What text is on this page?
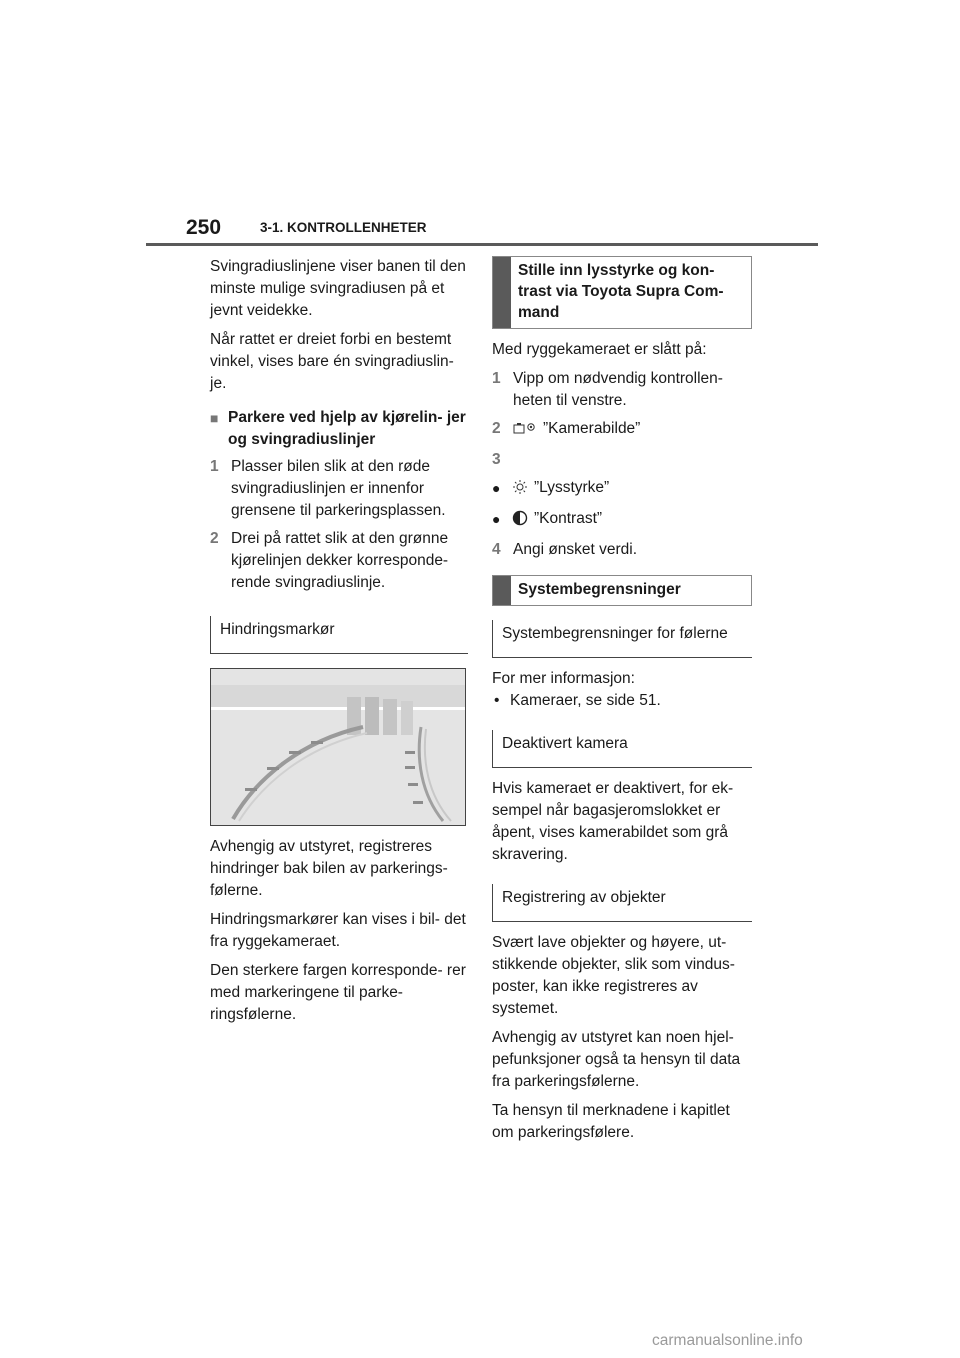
250	3-1. KONTROLLENHETER

Svingradiuslinjene viser banen til den minste mulige svingradiusen på et jevnt veidekke.

Når rattet er dreiet forbi en bestemt vinkel, vises bare én svingradiuslin- je.

■ Parkere ved hjelp av kjørelin- jer og svingradiuslinjer
1 Plasser bilen slik at den røde svingradiuslinjen er innenfor grensene til parkeringsplassen.
2 Drei på rattet slik at den grønne kjørelinjen dekker korresponde- rende svingradiuslinje.
Hindringsmarkør

Avhengig av utstyret, registreres hindringer bak bilen av parkerings- følerne.

Hindringsmarkører kan vises i bil- det fra ryggekameraet.

Den sterkere fargen korresponde- rer med markeringene til parke- ringsfølerne.

Stille inn lysstyrke og kon- trast via Toyota Supra Com- mand

Med ryggekameraet er slått på:

1 Vipp om nødvendig kontrollen- heten til venstre.
2	”Kamerabilde”
3
●	”Lysstyrke”
●	”Kontrast”
4 Angi ønsket verdi.
Systembegrensninger
Systembegrensninger for følerne

For mer informasjon:

• Kameraer, se side 51.
Deaktivert kamera

Hvis kameraet er deaktivert, for ek- sempel når bagasjeromslokket er åpent, vises kamerabildet som grå skravering.

Registrering av objekter

Svært lave objekter og høyere, ut- stikkende objekter, slik som vindus- poster, kan ikke registreres av systemet.

Avhengig av utstyret kan noen hjel- pefunksjoner også ta hensyn til data fra parkeringsfølerne.

Ta hensyn til merknadene i kapitlet om parkeringsfølere.

carmanualsonline.info
